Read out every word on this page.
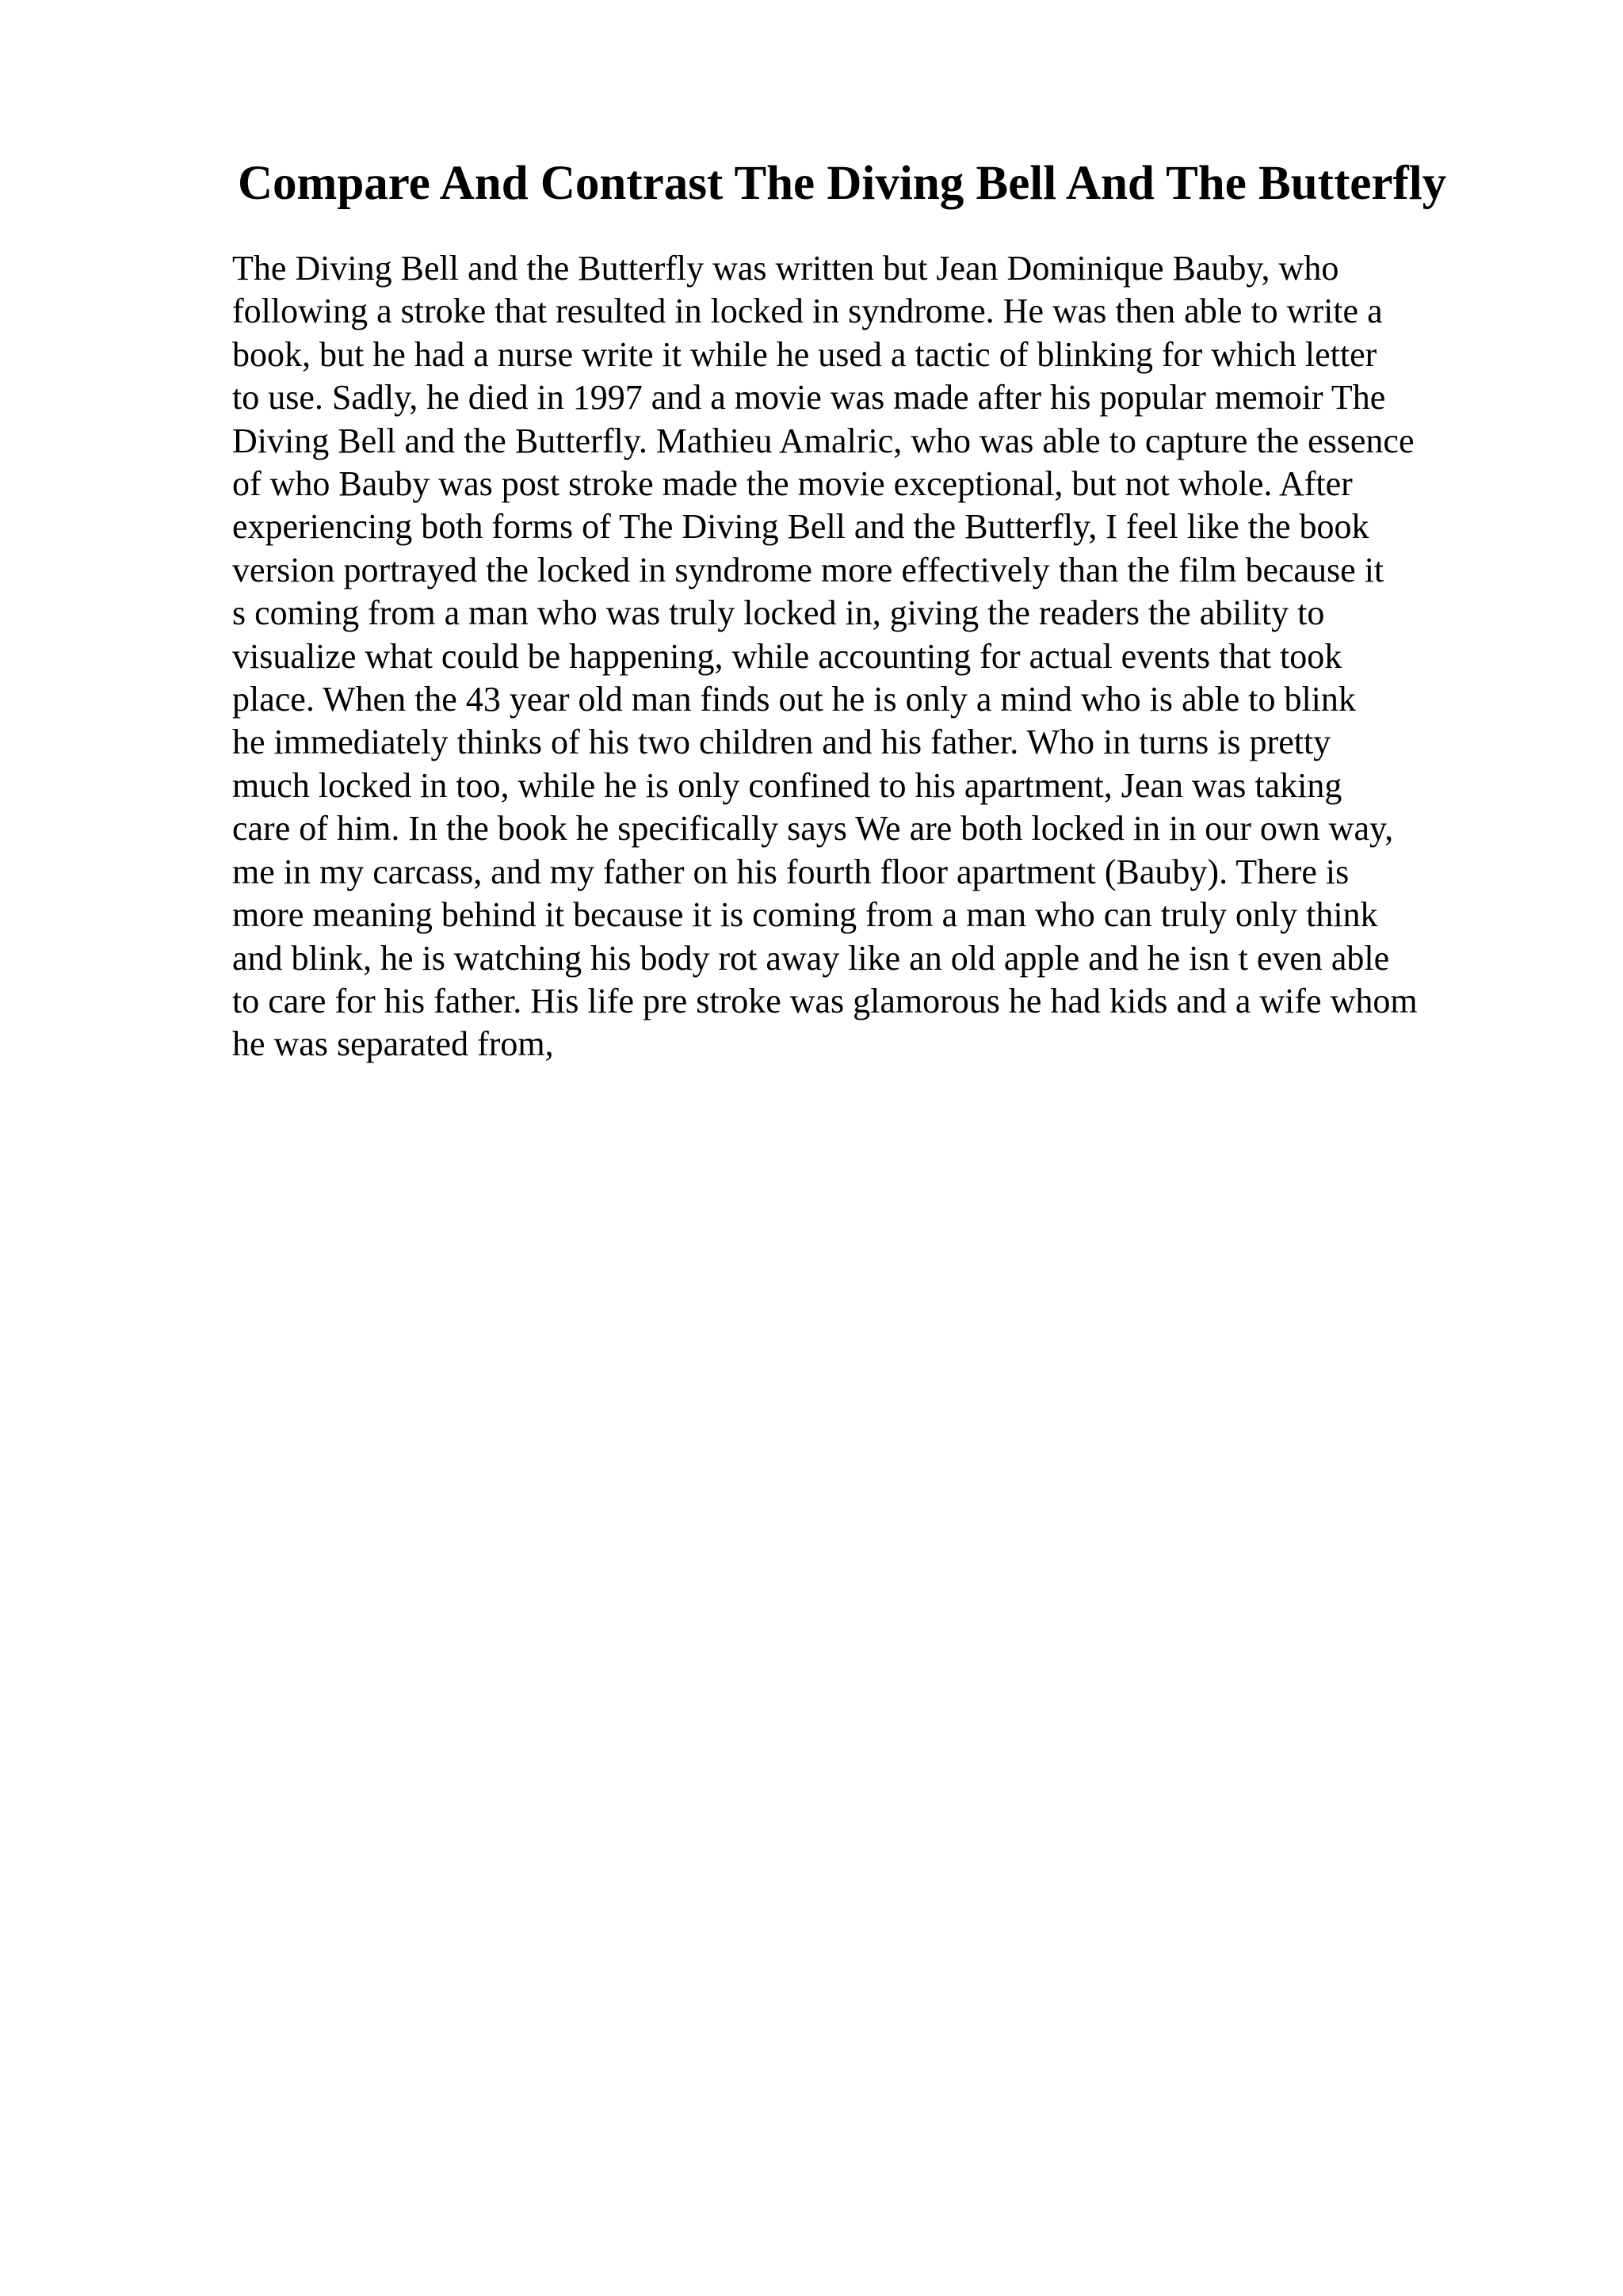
Compare And Contrast The Diving Bell And The Butterfly
The Diving Bell and the Butterfly was written but Jean Dominique Bauby, who
following a stroke that resulted in locked in syndrome. He was then able to write a
book, but he had a nurse write it while he used a tactic of blinking for which letter
to use. Sadly, he died in 1997 and a movie was made after his popular memoir The
Diving Bell and the Butterfly. Mathieu Amalric, who was able to capture the essence
of who Bauby was post stroke made the movie exceptional, but not whole. After
experiencing both forms of The Diving Bell and the Butterfly, I feel like the book
version portrayed the locked in syndrome more effectively than the film because it
s coming from a man who was truly locked in, giving the readers the ability to
visualize what could be happening, while accounting for actual events that took
place. When the 43 year old man finds out he is only a mind who is able to blink
he immediately thinks of his two children and his father. Who in turns is pretty
much locked in too, while he is only confined to his apartment, Jean was taking
care of him. In the book he specifically says We are both locked in in our own way,
me in my carcass, and my father on his fourth floor apartment (Bauby). There is
more meaning behind it because it is coming from a man who can truly only think
and blink, he is watching his body rot away like an old apple and he isn t even able
to care for his father. His life pre stroke was glamorous he had kids and a wife whom
he was separated from,
